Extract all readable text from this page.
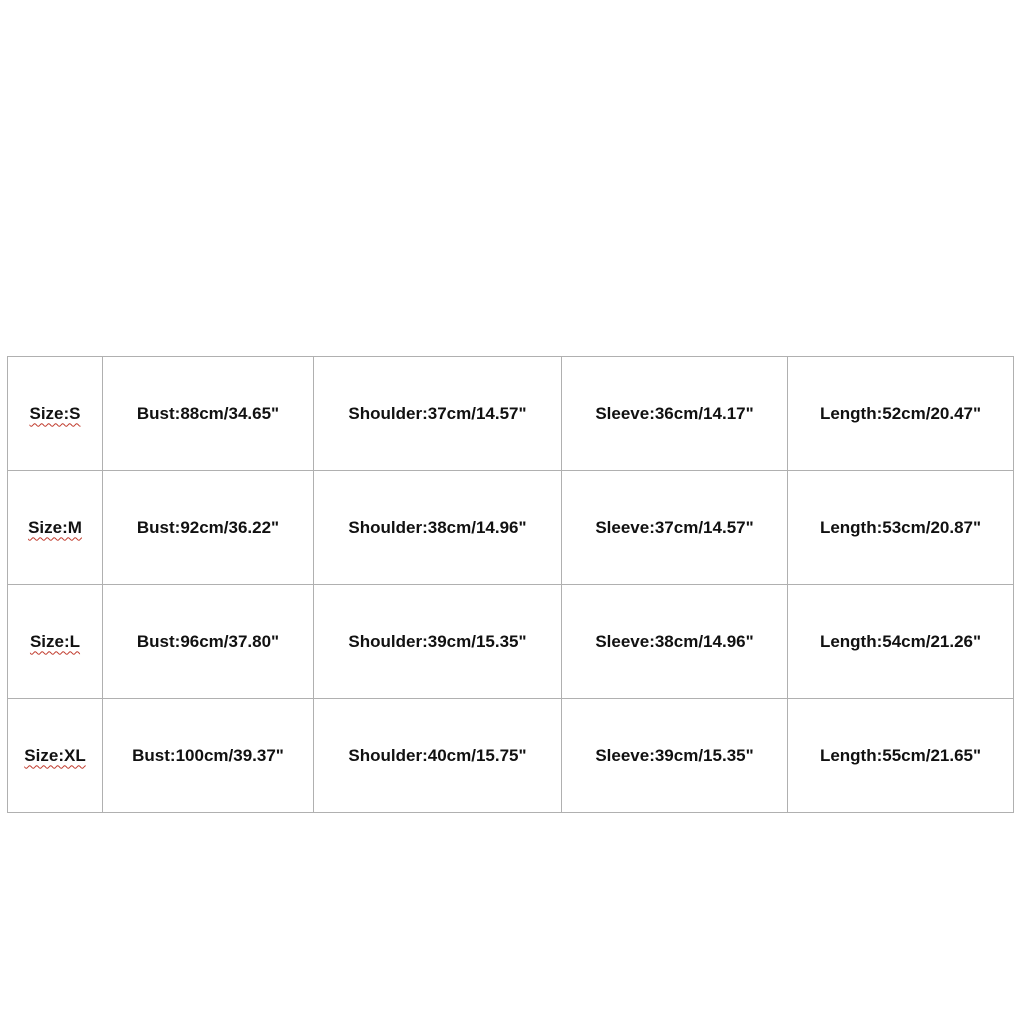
Size:S	Bust:88cm/34.65"	Shoulder:37cm/14.57"	Sleeve:36cm/14.17"	Length:52cm/20.47"
Size:M	Bust:92cm/36.22"	Shoulder:38cm/14.96"	Sleeve:37cm/14.57"	Length:53cm/20.87"
Size:L	Bust:96cm/37.80"	Shoulder:39cm/15.35"	Sleeve:38cm/14.96"	Length:54cm/21.26"
Size:XL	Bust:100cm/39.37"	Shoulder:40cm/15.75"	Sleeve:39cm/15.35"	Length:55cm/21.65"
